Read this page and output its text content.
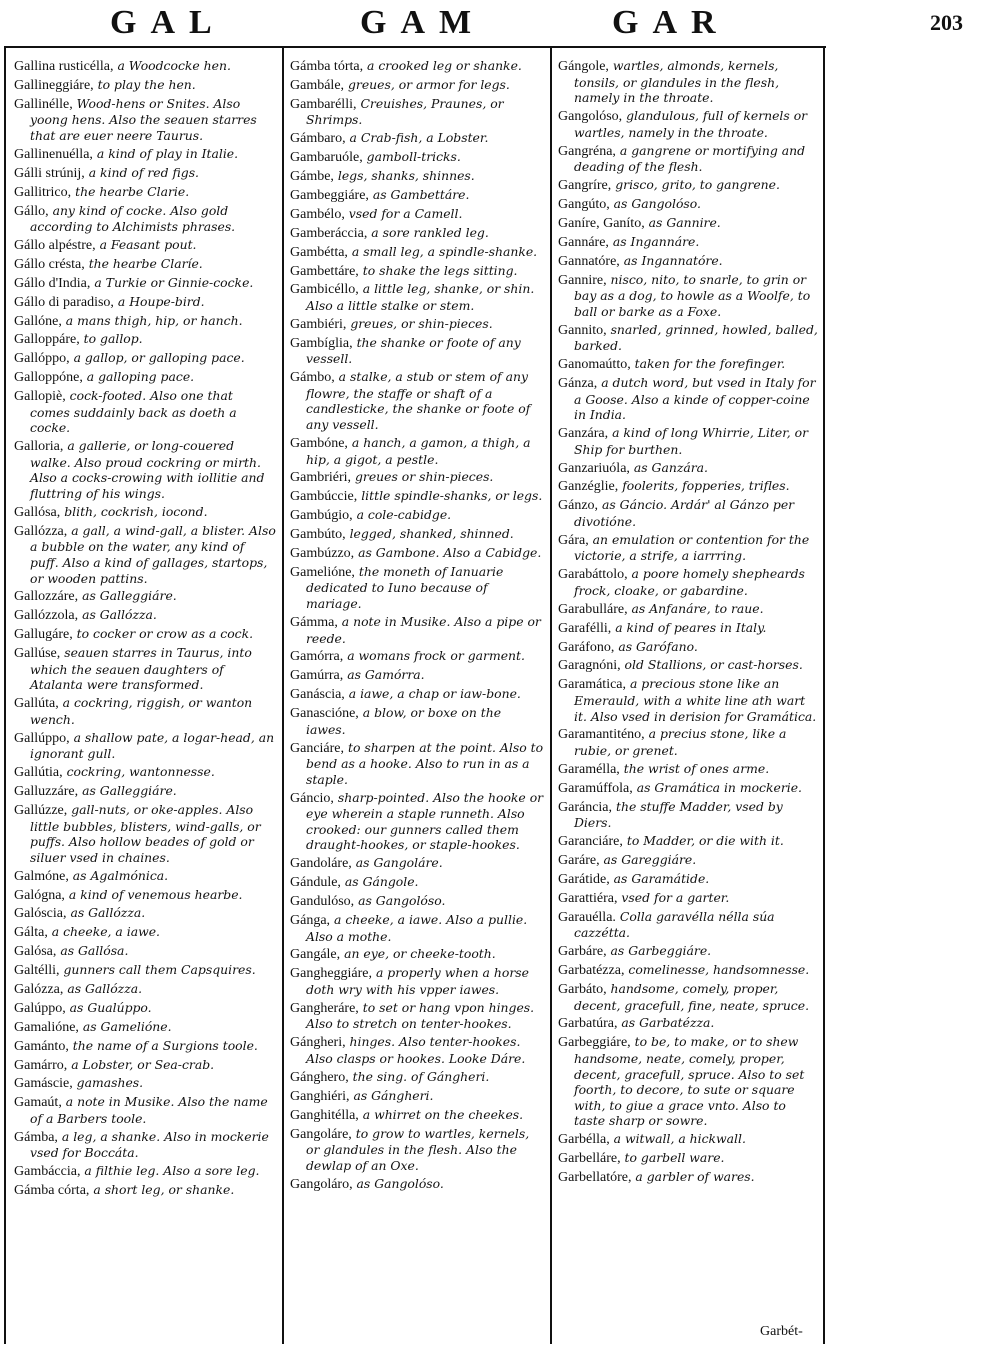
GAL	GAM	GAR	203

Gallina rusticélla, a Woodcocke hen.

Gallineggiáre, to play the hen.

Gallinélle, Wood-hens or Snites. Also yoong hens. Also the seauen starres that are euer neere Taurus.

Gallinenuélla, a kind of play in Italie.

Gálli strúnij, a kind of red figs.

Gallitrico, the hearbe Clarie.

Gállo, any kind of cocke. Also gold according to Alchimists phrases.

Gállo alpéstre, a Feasant pout.

Gállo crésta, the hearbe Claríe.

Gállo d'India, a Turkie or Ginnie-cocke.

Gállo di paradiso, a Houpe-bird.

Gallóne, a mans thigh, hip, or hanch.

Galloppáre, to gallop.

Gallóppo, a gallop, or galloping pace.

Galloppóne, a galloping pace.

Gallopiè, cock-footed. Also one that comes suddainly back as doeth a cocke.

Galloria, a gallerie, or long-couered walke. Also proud cockring or mirth. Also a cocks-crowing with iollitie and fluttring of his wings.

Gallósa, blith, cockrish, iocond.

Gallózza, a gall, a wind-gall, a blister. Also a bubble on the water, any kind of puff. Also a kind of gallages, startops, or wooden pattins.

Gallozzáre, as Galleggiáre.

Gallózzola, as Gallózza.

Gallugáre, to cocker or crow as a cock.

Gallúse, seauen starres in Taurus, into which the seauen daughters of Atalanta were transformed.

Gallúta, a cockring, riggish, or wanton wench.

Gallúppo, a shallow pate, a logar-head, an ignorant gull.

Gallútia, cockring, wantonnesse.

Galluzzáre, as Galleggiáre.

Gallúzze, gall-nuts, or oke-apples. Also little bubbles, blisters, wind-galls, or puffs. Also hollow beades of gold or siluer vsed in chaines.

Galmóne, as Agalmónica.

Galógna, a kind of venemous hearbe.

Galóscia, as Gallózza.

Gálta, a cheeke, a iawe.

Galósa, as Gallósa.

Galtélli, gunners call them Capsquires.

Galózza, as Gallózza.

Galúppo, as Gualúppo.

Gamalióne, as Gamelióne.

Gamánto, the name of a Surgions toole.

Gamárro, a Lobster, or Sea-crab.

Gamáscie, gamashes.

Gamaút, a note in Musike. Also the name of a Barbers toole.

Gámba, a leg, a shanke. Also in mockerie vsed for Boccáta.

Gambáccia, a filthie leg. Also a sore leg.

Gámba córta, a short leg, or shanke.

Gámba tórta, a crooked leg or shanke.

Gambále, greues, or armor for legs.

Gambarélli, Creuishes, Praunes, or Shrimps.

Gámbaro, a Crab-fish, a Lobster.

Gambaruóle, gamboll-tricks.

Gámbe, legs, shanks, shinnes.

Gambeggiáre, as Gambettáre.

Gambélo, vsed for a Camell.

Gamberáccia, a sore rankled leg.

Gambétta, a small leg, a spindle-shanke.

Gambettáre, to shake the legs sitting.

Gambicéllo, a little leg, shanke, or shin. Also a little stalke or stem.

Gambiéri, greues, or shin-pieces.

Gambíglia, the shanke or foote of any vessell.

Gámbo, a stalke, a stub or stem of any flowre, the staffe or shaft of a candlesticke, the shanke or foote of any vessell.

Gambóne, a hanch, a gamon, a thigh, a hip, a gigot, a pestle.

Gambriéri, greues or shin-pieces.

Gambúccie, little spindle-shanks, or legs.

Gambúgio, a cole-cabidge.

Gambúto, legged, shanked, shinned.

Gambúzzo, as Gambone. Also a Cabidge.

Gamelióne, the moneth of Ianuarie dedicated to Iuno because of mariage.

Gámma, a note in Musike. Also a pipe or reede.

Gamórra, a womans frock or garment.

Gamúrra, as Gamórra.

Ganáscia, a iawe, a chap or iaw-bone.

Ganascióne, a blow, or boxe on the iawes.

Ganciáre, to sharpen at the point. Also to bend as a hooke. Also to run in as a staple.

Gáncio, sharp-pointed. Also the hooke or eye wherein a staple runneth. Also crooked: our gunners called them draught-hookes, or staple-hookes.

Gandoláre, as Gangoláre.

Gándule, as Gángole.

Gandulóso, as Gangolóso.

Gánga, a cheeke, a iawe. Also a pullie. Also a mothe.

Gangále, an eye, or cheeke-tooth.

Gangheggiáre, a properly when a horse doth wry with his vpper iawes.

Gangheráre, to set or hang vpon hinges. Also to stretch on tenter-hookes.

Gángheri, hinges. Also tenter-hookes. Also clasps or hookes. Looke Dáre.

Gánghero, the sing. of Gángheri.

Ganghiéri, as Gángheri.

Ganghitélla, a whirret on the cheekes.

Gangoláre, to grow to wartles, kernels, or glandules in the flesh. Also the dewlap of an Oxe.

Gangoláro, as Gangolóso.

Gángole, wartles, almonds, kernels, tonsils, or glandules in the flesh, namely in the throate.

Gangolóso, glandulous, full of kernels or wartles, namely in the throate.

Gangréna, a gangrene or mortifying and deading of the flesh.

Gangríre, grisco, grito, to gangrene.

Gangúto, as Gangolóso.

Ganíre, Ganíto, as Gannire.

Gannáre, as Ingannáre.

Gannatóre, as Ingannatóre.

Gannire, nisco, nito, to snarle, to grin or bay as a dog, to howle as a Woolfe, to ball or barke as a Foxe.

Gannito, snarled, grinned, howled, balled, barked.

Ganomaútto, taken for the forefinger.

Gánza, a dutch word, but vsed in Italy for a Goose. Also a kinde of copper-coine in India.

Ganzára, a kind of long Whirrie, Liter, or Ship for burthen.

Ganzariuóla, as Ganzára.

Ganzéglie, foolerits, fopperies, trifles.

Gánzo, as Gáncio. Ardár' al Gánzo per divotióne.

Gára, an emulation or contention for the victorie, a strife, a iarrring.

Garabáttolo, a poore homely shepheards frock, cloake, or gabardine.

Garabulláre, as Anfanáre, to raue.

Garafélli, a kind of peares in Italy.

Garáfono, as Garófano.

Garagnóni, old Stallions, or cast-horses.

Garamática, a precious stone like an Emerauld, with a white line ath wart it. Also vsed in derision for Gramática.

Garamantiténo, a precius stone, like a rubie, or grenet.

Garamélla, the wrist of ones arme.

Garamúffola, as Gramática in mockerie.

Garáncia, the stuffe Madder, vsed by Diers.

Garanciáre, to Madder, or die with it.

Garáre, as Gareggiáre.

Garátide, as Garamátide.

Garattiéra, vsed for a garter.

Garauélla. Colla garavélla nélla súa cazzétta.

Garbáre, as Garbeggiáre.

Garbatézza, comelinesse, handsomnesse.

Garbáto, handsome, comely, proper, decent, gracefull, fine, neate, spruce.

Garbatúra, as Garbatézza.

Garbeggiáre, to be, to make, or to shew handsome, neate, comely, proper, decent, gracefull, spruce. Also to set foorth, to decore, to sute or square with, to giue a grace vnto. Also to taste sharp or sowre.

Garbélla, a witwall, a hickwall.

Garbelláre, to garbell ware.

Garbellatóre, a garbler of wares.

Garbét-
